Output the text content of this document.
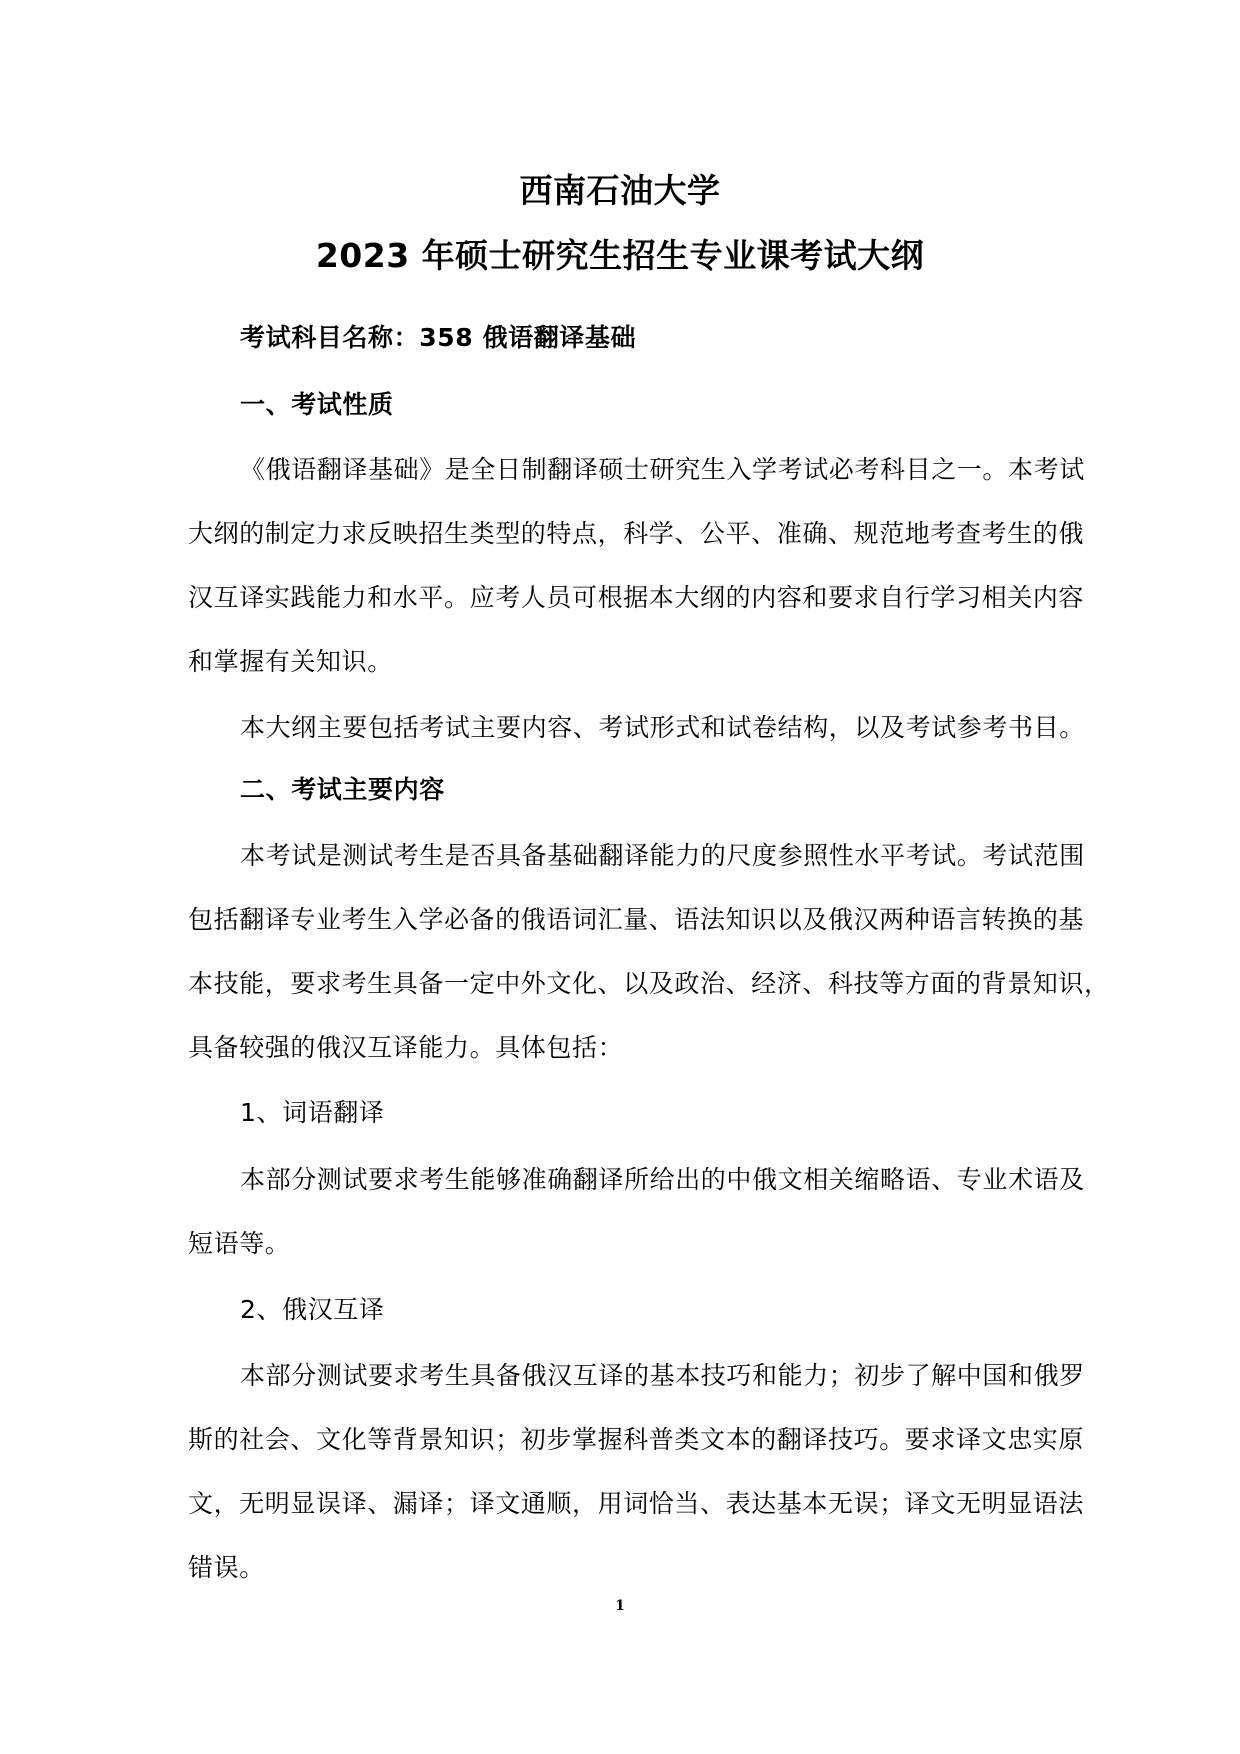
西南石油大学
2023 年硕士研究生招生专业课考试大纲
考试科目名称：358 俄语翻译基础
一、考试性质
《俄语翻译基础》是全日制翻译硕士研究生入学考试必考科目之一。本考试
大纲的制定力求反映招生类型的特点，科学、公平、准确、规范地考查考生的俄
汉互译实践能力和水平。应考人员可根据本大纲的内容和要求自行学习相关内容
和掌握有关知识。
本大纲主要包括考试主要内容、考试形式和试卷结构，以及考试参考书目。
二、考试主要内容
本考试是测试考生是否具备基础翻译能力的尺度参照性水平考试。考试范围
包括翻译专业考生入学必备的俄语词汇量、语法知识以及俄汉两种语言转换的基
本技能，要求考生具备一定中外文化、以及政治、经济、科技等方面的背景知识，
具备较强的俄汉互译能力。具体包括：
1、词语翻译
本部分测试要求考生能够准确翻译所给出的中俄文相关缩略语、专业术语及
短语等。
2、俄汉互译
本部分测试要求考生具备俄汉互译的基本技巧和能力；初步了解中国和俄罗
斯的社会、文化等背景知识；初步掌握科普类文本的翻译技巧。要求译文忠实原
文，无明显误译、漏译；译文通顺，用词恰当、表达基本无误；译文无明显语法
错误。
1
